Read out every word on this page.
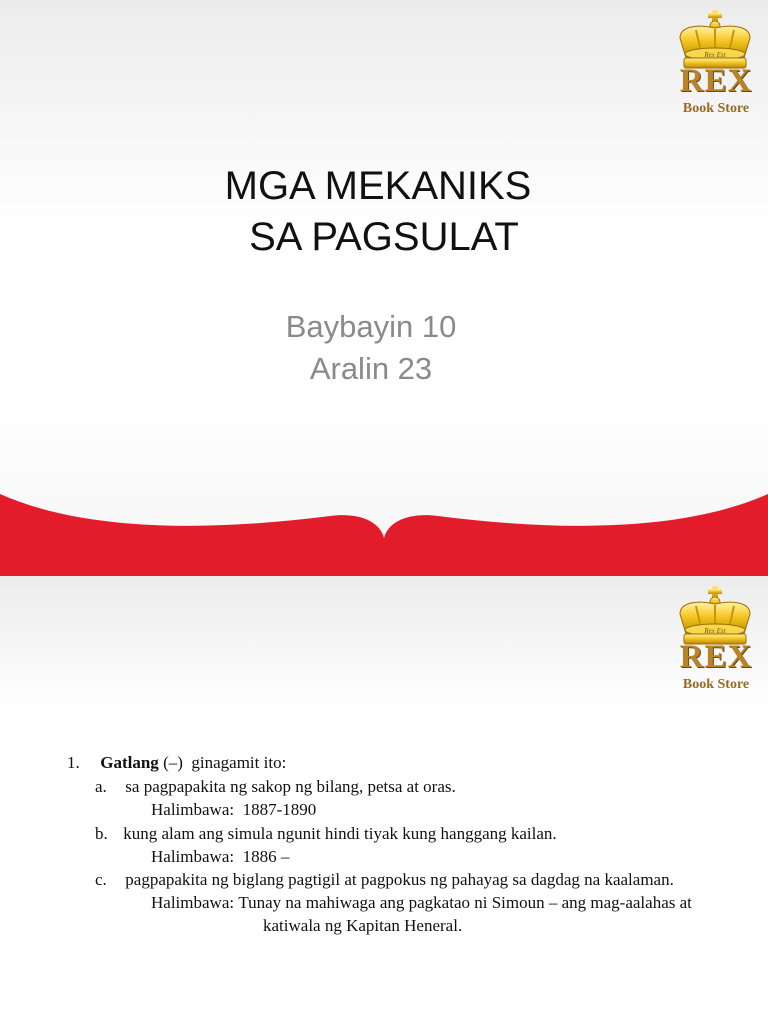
Rex Est
REX
Book Store
MGA MEKANIKS
SA PAGSULAT
Baybayin 10
Aralin 23
Rex Est
REX
Book Store
1. Gatlang (–) ginagamit ito:
a. sa pagpapakita ng sakop ng bilang, petsa at oras.
Halimbawa: 1887-1890
b. kung alam ang simula ngunit hindi tiyak kung hanggang kailan.
Halimbawa: 1886 –
c. pagpapakita ng biglang pagtigil at pagpokus ng pahayag sa dagdag na kaalaman.
Halimbawa: Tunay na mahiwaga ang pagkatao ni Simoun – ang mag-aalahas at
katiwala ng Kapitan Heneral.
